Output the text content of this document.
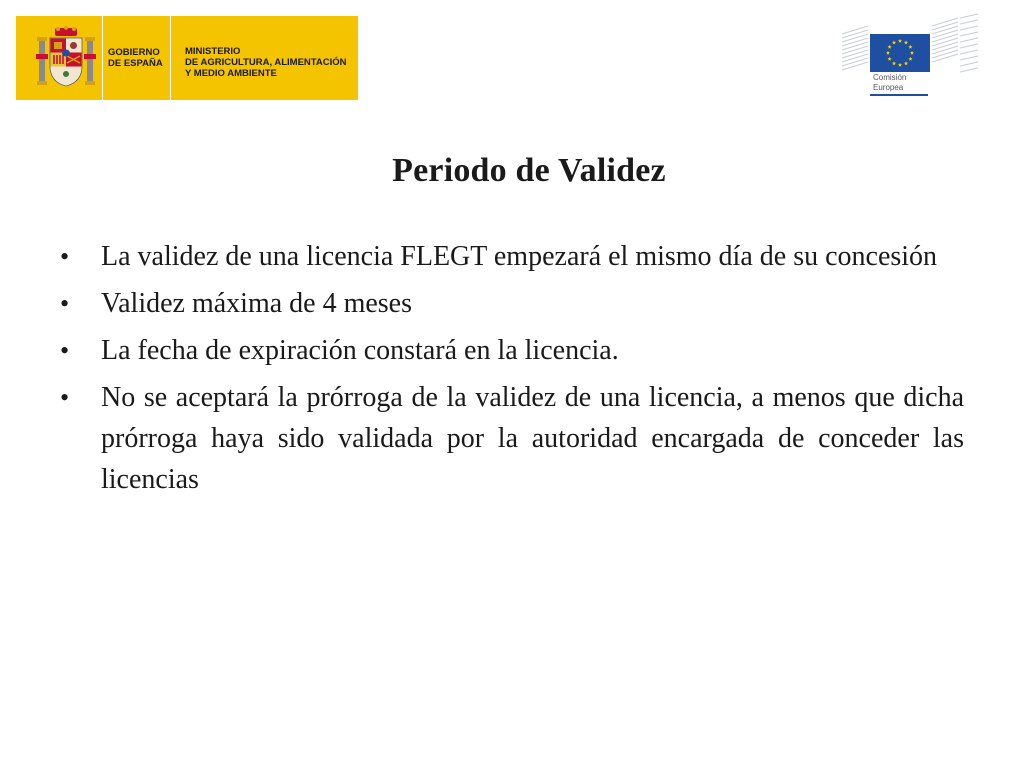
GOBIERNO
DE ESPAÑA
MINISTERIO
DE AGRICULTURA, ALIMENTACIÓN
Y MEDIO AMBIENTE	Comisión
Europea
Periodo de Validez
• La validez de una licencia FLEGT empezará el mismo día de su concesión
• Validez máxima de 4 meses
• La fecha de expiración constará en la licencia.
• No se aceptará la prórroga de la validez de una licencia, a menos que dicha prórroga haya sido validada por la autoridad encargada de conceder las licencias
